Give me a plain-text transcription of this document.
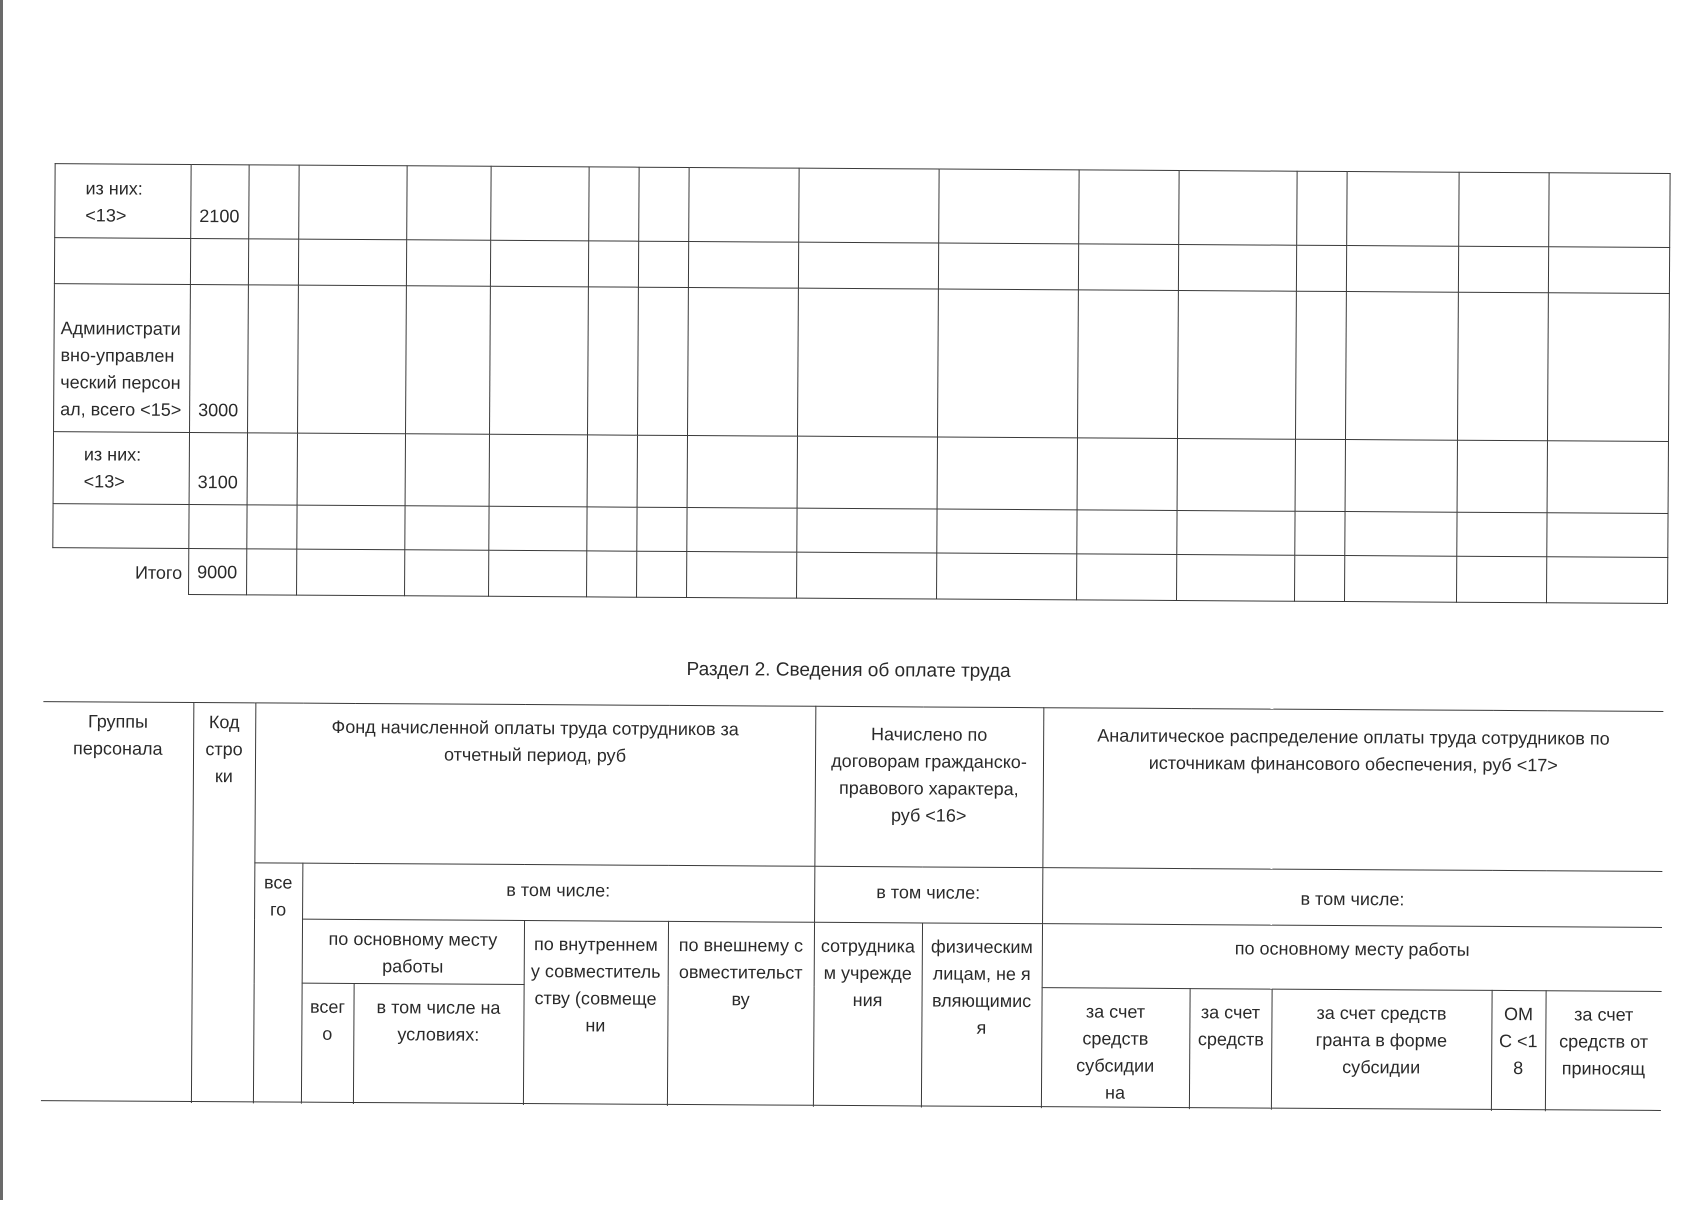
из них:
<13>	2100															

Административно-управленческий персонал, всего <15>	3000															
из них:
<13>	3100															

Итого	9000															
Раздел 2. Сведения об оплате труда
Группы персонала	Код строки	Фонд начисленной оплаты труда сотрудников за отчетный период, руб					Начислено по договорам гражданско-правового характера, руб <16>		Аналитическое распределение оплаты труда сотрудников по источникам финансового обеспечения, руб <17>				
		всего	в том числе:				в том числе:		в том числе:				
			по основному месту работы		по внутреннему совместительству (совмещени	по внешнему совместительству	сотрудникам учреждения	физическим лицам, не являющимися	по основному месту работы				
			всего	в том числе на условиях:					за счет средств субсидии на	за счет средств	за счет средств гранта в форме субсидии	ОМС <18	за счет средств от приносящ
